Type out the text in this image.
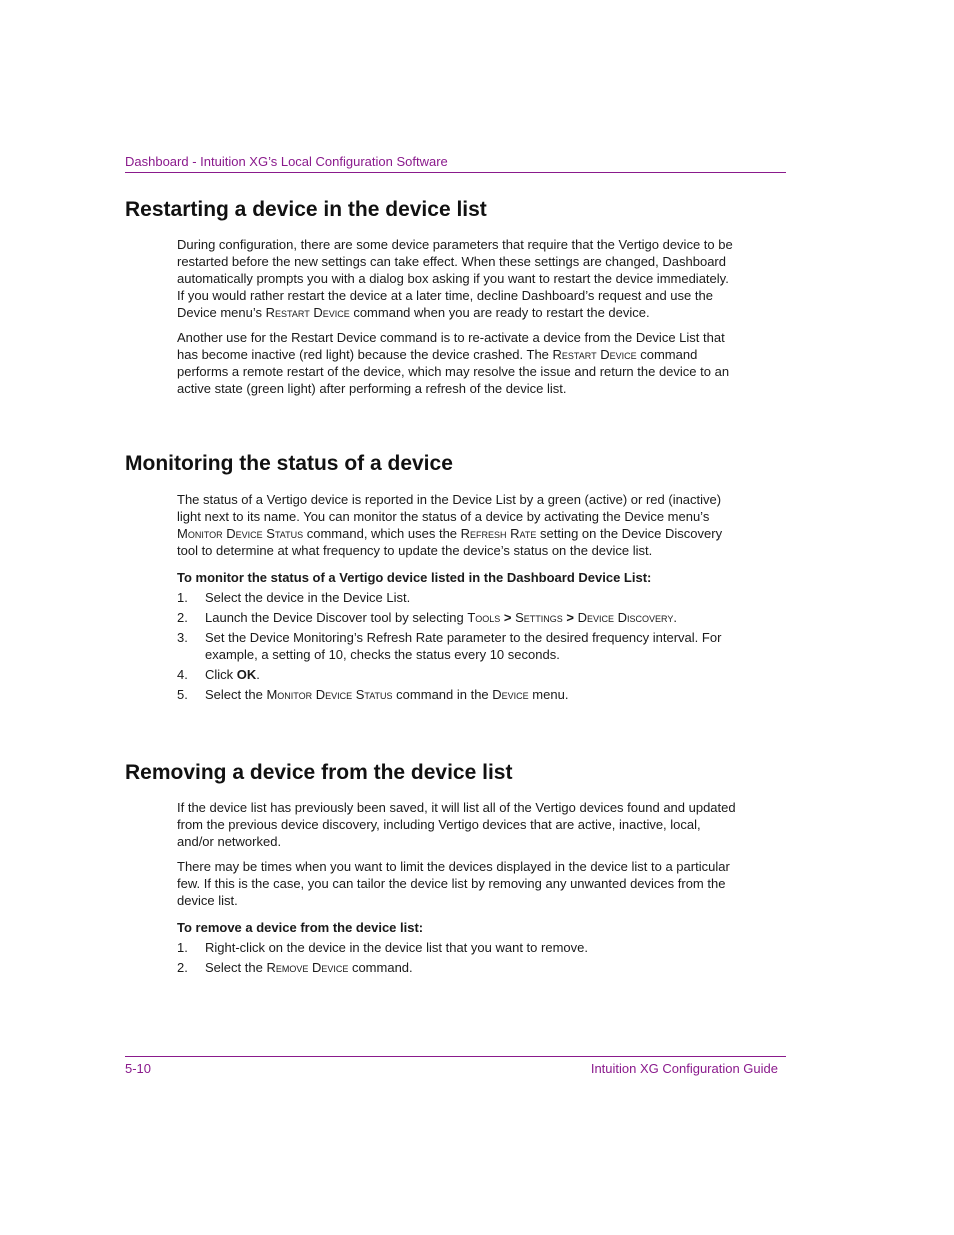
Dashboard - Intuition XG’s Local Configuration Software
Restarting a device in the device list

During configuration, there are some device parameters that require that the Vertigo device to be restarted before the new settings can take effect. When these settings are changed, Dashboard automatically prompts you with a dialog box asking if you want to restart the device immediately. If you would rather restart the device at a later time, decline Dashboard’s request and use the Device menu’s Restart Device command when you are ready to restart the device.

Another use for the Restart Device command is to re-activate a device from the Device List that has become inactive (red light) because the device crashed. The Restart Device command performs a remote restart of the device, which may resolve the issue and return the device to an active state (green light) after performing a refresh of the device list.

Monitoring the status of a device

The status of a Vertigo device is reported in the Device List by a green (active) or red (inactive) light next to its name. You can monitor the status of a device by activating the Device menu’s Monitor Device Status command, which uses the Refresh Rate setting on the Device Discovery tool to determine at what frequency to update the device’s status on the device list.

To monitor the status of a Vertigo device listed in the Dashboard Device List:
1. Select the device in the Device List.
2. Launch the Device Discover tool by selecting Tools > Settings > Device Discovery.
3. Set the Device Monitoring’s Refresh Rate parameter to the desired frequency interval. For example, a setting of 10, checks the status every 10 seconds.
4. Click OK.
5. Select the Monitor Device Status command in the Device menu.
Removing a device from the device list

If the device list has previously been saved, it will list all of the Vertigo devices found and updated from the previous device discovery, including Vertigo devices that are active, inactive, local, and/or networked.

There may be times when you want to limit the devices displayed in the device list to a particular few. If this is the case, you can tailor the device list by removing any unwanted devices from the device list.

To remove a device from the device list:
1. Right-click on the device in the device list that you want to remove.
2. Select the Remove Device command.
5-10	Intuition XG Configuration Guide
